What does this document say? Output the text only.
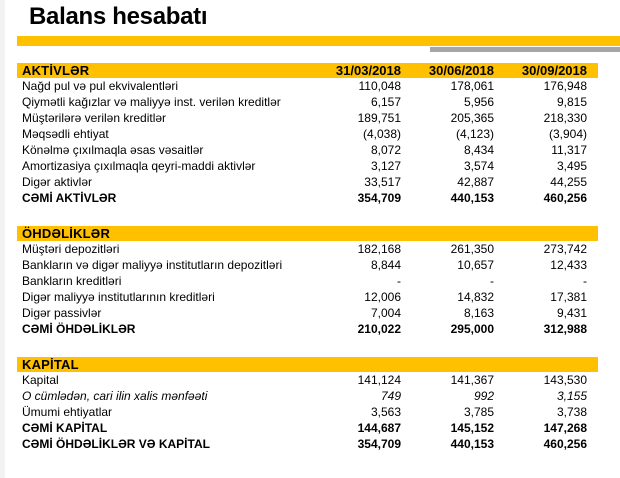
Balans hesabatı
AKTİVLƏR	31/03/2018	30/06/2018	30/09/2018
Nağd pul və pul ekvivalentləri	110,048	178,061	176,948
Qiymətli kağızlar və maliyyə inst. verilən kreditlər	6,157	5,956	9,815
Müştərilərə verilən kreditlər	189,751	205,365	218,330
Məqsədli ehtiyat	(4,038)	(4,123)	(3,904)
Könəlmə çıxılmaqla əsas vəsaitlər	8,072	8,434	11,317
Amortizasiya çıxılmaqla qeyri-maddi aktivlər	3,127	3,574	3,495
Digər aktivlər	33,517	42,887	44,255
CƏMİ AKTİVLƏR	354,709	440,153	460,256
ÖHDƏLİKLƏR
Müştəri depozitləri	182,168	261,350	273,742
Bankların və digər maliyyə institutların depozitləri	8,844	10,657	12,433
Bankların kreditləri	-	-	-
Digər maliyyə institutlarının kreditləri	12,006	14,832	17,381
Digər passivlər	7,004	8,163	9,431
CƏMİ ÖHDƏLİKLƏR	210,022	295,000	312,988
KAPİTAL
Kapital	141,124	141,367	143,530
O cümlədən, cari ilin xalis mənfəəti	749	992	3,155
Ümumi ehtiyatlar	3,563	3,785	3,738
CƏMİ KAPİTAL	144,687	145,152	147,268
CƏMİ ÖHDƏLİKLƏR VƏ KAPİTAL	354,709	440,153	460,256
